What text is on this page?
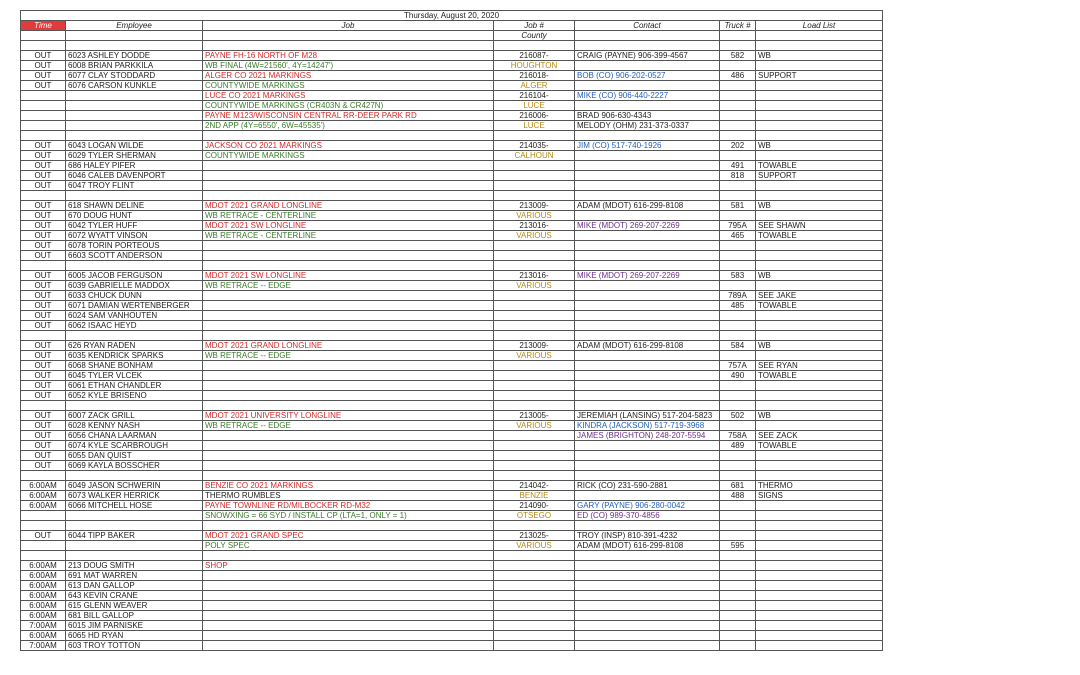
Thursday, August 20, 2020						
Time	Employee	Job	Job #	Contact	Truck #	Load List
			County			

OUT	6023 ASHLEY DODDE	PAYNE FH-16 NORTH OF M28	216087-	CRAIG (PAYNE) 906-399-4567	582	WB
OUT	6008 BRIAN PARKKILA	WB FINAL (4W=21560', 4Y=14247')	HOUGHTON			
OUT	6077 CLAY STODDARD	ALGER CO 2021 MARKINGS	216018-	BOB (CO) 906-202-0527	486	SUPPORT
OUT	6076 CARSON KUNKLE	COUNTYWIDE MARKINGS	ALGER			
		LUCE CO 2021 MARKINGS	216104-	MIKE (CO) 906-440-2227		
		COUNTYWIDE MARKINGS (CR403N & CR427N)	LUCE			
		PAYNE M123/WISCONSIN CENTRAL RR-DEER PARK RD	216006-	BRAD 906-630-4343		
		2ND APP (4Y=6550', 6W=45535')	LUCE	MELODY (OHM) 231-373-0337		

OUT	6043 LOGAN WILDE	JACKSON CO 2021 MARKINGS	214035-	JIM (CO) 517-740-1926	202	WB
OUT	6029 TYLER SHERMAN	COUNTYWIDE MARKINGS	CALHOUN			
OUT	686 HALEY PIFER				491	TOWABLE
OUT	6046 CALEB DAVENPORT				818	SUPPORT
OUT	6047 TROY FLINT					

OUT	618 SHAWN DELINE	MDOT 2021 GRAND LONGLINE	213009-	ADAM (MDOT) 616-299-8108	581	WB
OUT	670 DOUG HUNT	WB RETRACE - CENTERLINE	VARIOUS			
OUT	6042 TYLER HUFF	MDOT 2021 SW LONGLINE	213016-	MIKE (MDOT) 269-207-2269	795A	SEE SHAWN
OUT	6072 WYATT VINSON	WB RETRACE - CENTERLINE	VARIOUS		465	TOWABLE
OUT	6078 TORIN PORTEOUS					
OUT	6603 SCOTT ANDERSON					

OUT	6005 JACOB FERGUSON	MDOT 2021 SW LONGLINE	213016-	MIKE (MDOT) 269-207-2269	583	WB
OUT	6039 GABRIELLE MADDOX	WB RETRACE -- EDGE	VARIOUS			
OUT	6033 CHUCK DUNN				789A	SEE JAKE
OUT	6071 DAMIAN WERTENBERGER				485	TOWABLE
OUT	6024 SAM VANHOUTEN					
OUT	6062 ISAAC HEYD					

OUT	626 RYAN RADEN	MDOT 2021 GRAND LONGLINE	213009-	ADAM (MDOT) 616-299-8108	584	WB
OUT	6035 KENDRICK SPARKS	WB RETRACE -- EDGE	VARIOUS			
OUT	6068 SHANE BONHAM				757A	SEE RYAN
OUT	6045 TYLER VLCEK				490	TOWABLE
OUT	6061 ETHAN CHANDLER					
OUT	6052 KYLE BRISENO					

OUT	6007 ZACK GRILL	MDOT 2021 UNIVERSITY LONGLINE	213005-	JEREMIAH (LANSING) 517-204-5823	502	WB
OUT	6028 KENNY NASH	WB RETRACE -- EDGE	VARIOUS	KINDRA (JACKSON) 517-719-3968		
OUT	6056 CHANA LAARMAN			JAMES (BRIGHTON) 248-207-5594	758A	SEE ZACK
OUT	6074 KYLE SCARBROUGH				489	TOWABLE
OUT	6055 DAN QUIST					
OUT	6069 KAYLA BOSSCHER					

6:00AM	6049 JASON SCHWERIN	BENZIE CO 2021 MARKINGS	214042-	RICK (CO) 231-590-2881	681	THERMO
6:00AM	6073 WALKER HERRICK	THERMO RUMBLES	BENZIE		488	SIGNS
6:00AM	6066 MITCHELL HOSE	PAYNE TOWNLINE RD/MILBOCKER RD-M32	214090-	GARY (PAYNE) 906-280-0042		
		SNOWXING = 66 SYD / INSTALL CP (LTA=1, ONLY = 1)	OTSEGO	ED (CO) 989-370-4856		

OUT	6044 TIPP BAKER	MDOT 2021 GRAND SPEC	213025-	TROY (INSP) 810-391-4232		
		POLY SPEC	VARIOUS	ADAM (MDOT) 616-299-8108	595	

6:00AM	213 DOUG SMITH	SHOP				
6:00AM	691 MAT WARREN					
6:00AM	613 DAN GALLOP					
6:00AM	643 KEVIN CRANE					
6:00AM	615 GLENN WEAVER					
6:00AM	681 BILL GALLOP					
7:00AM	6015 JIM PARNISKE					
6:00AM	6065 HD RYAN					
7:00AM	603 TROY TOTTON					
